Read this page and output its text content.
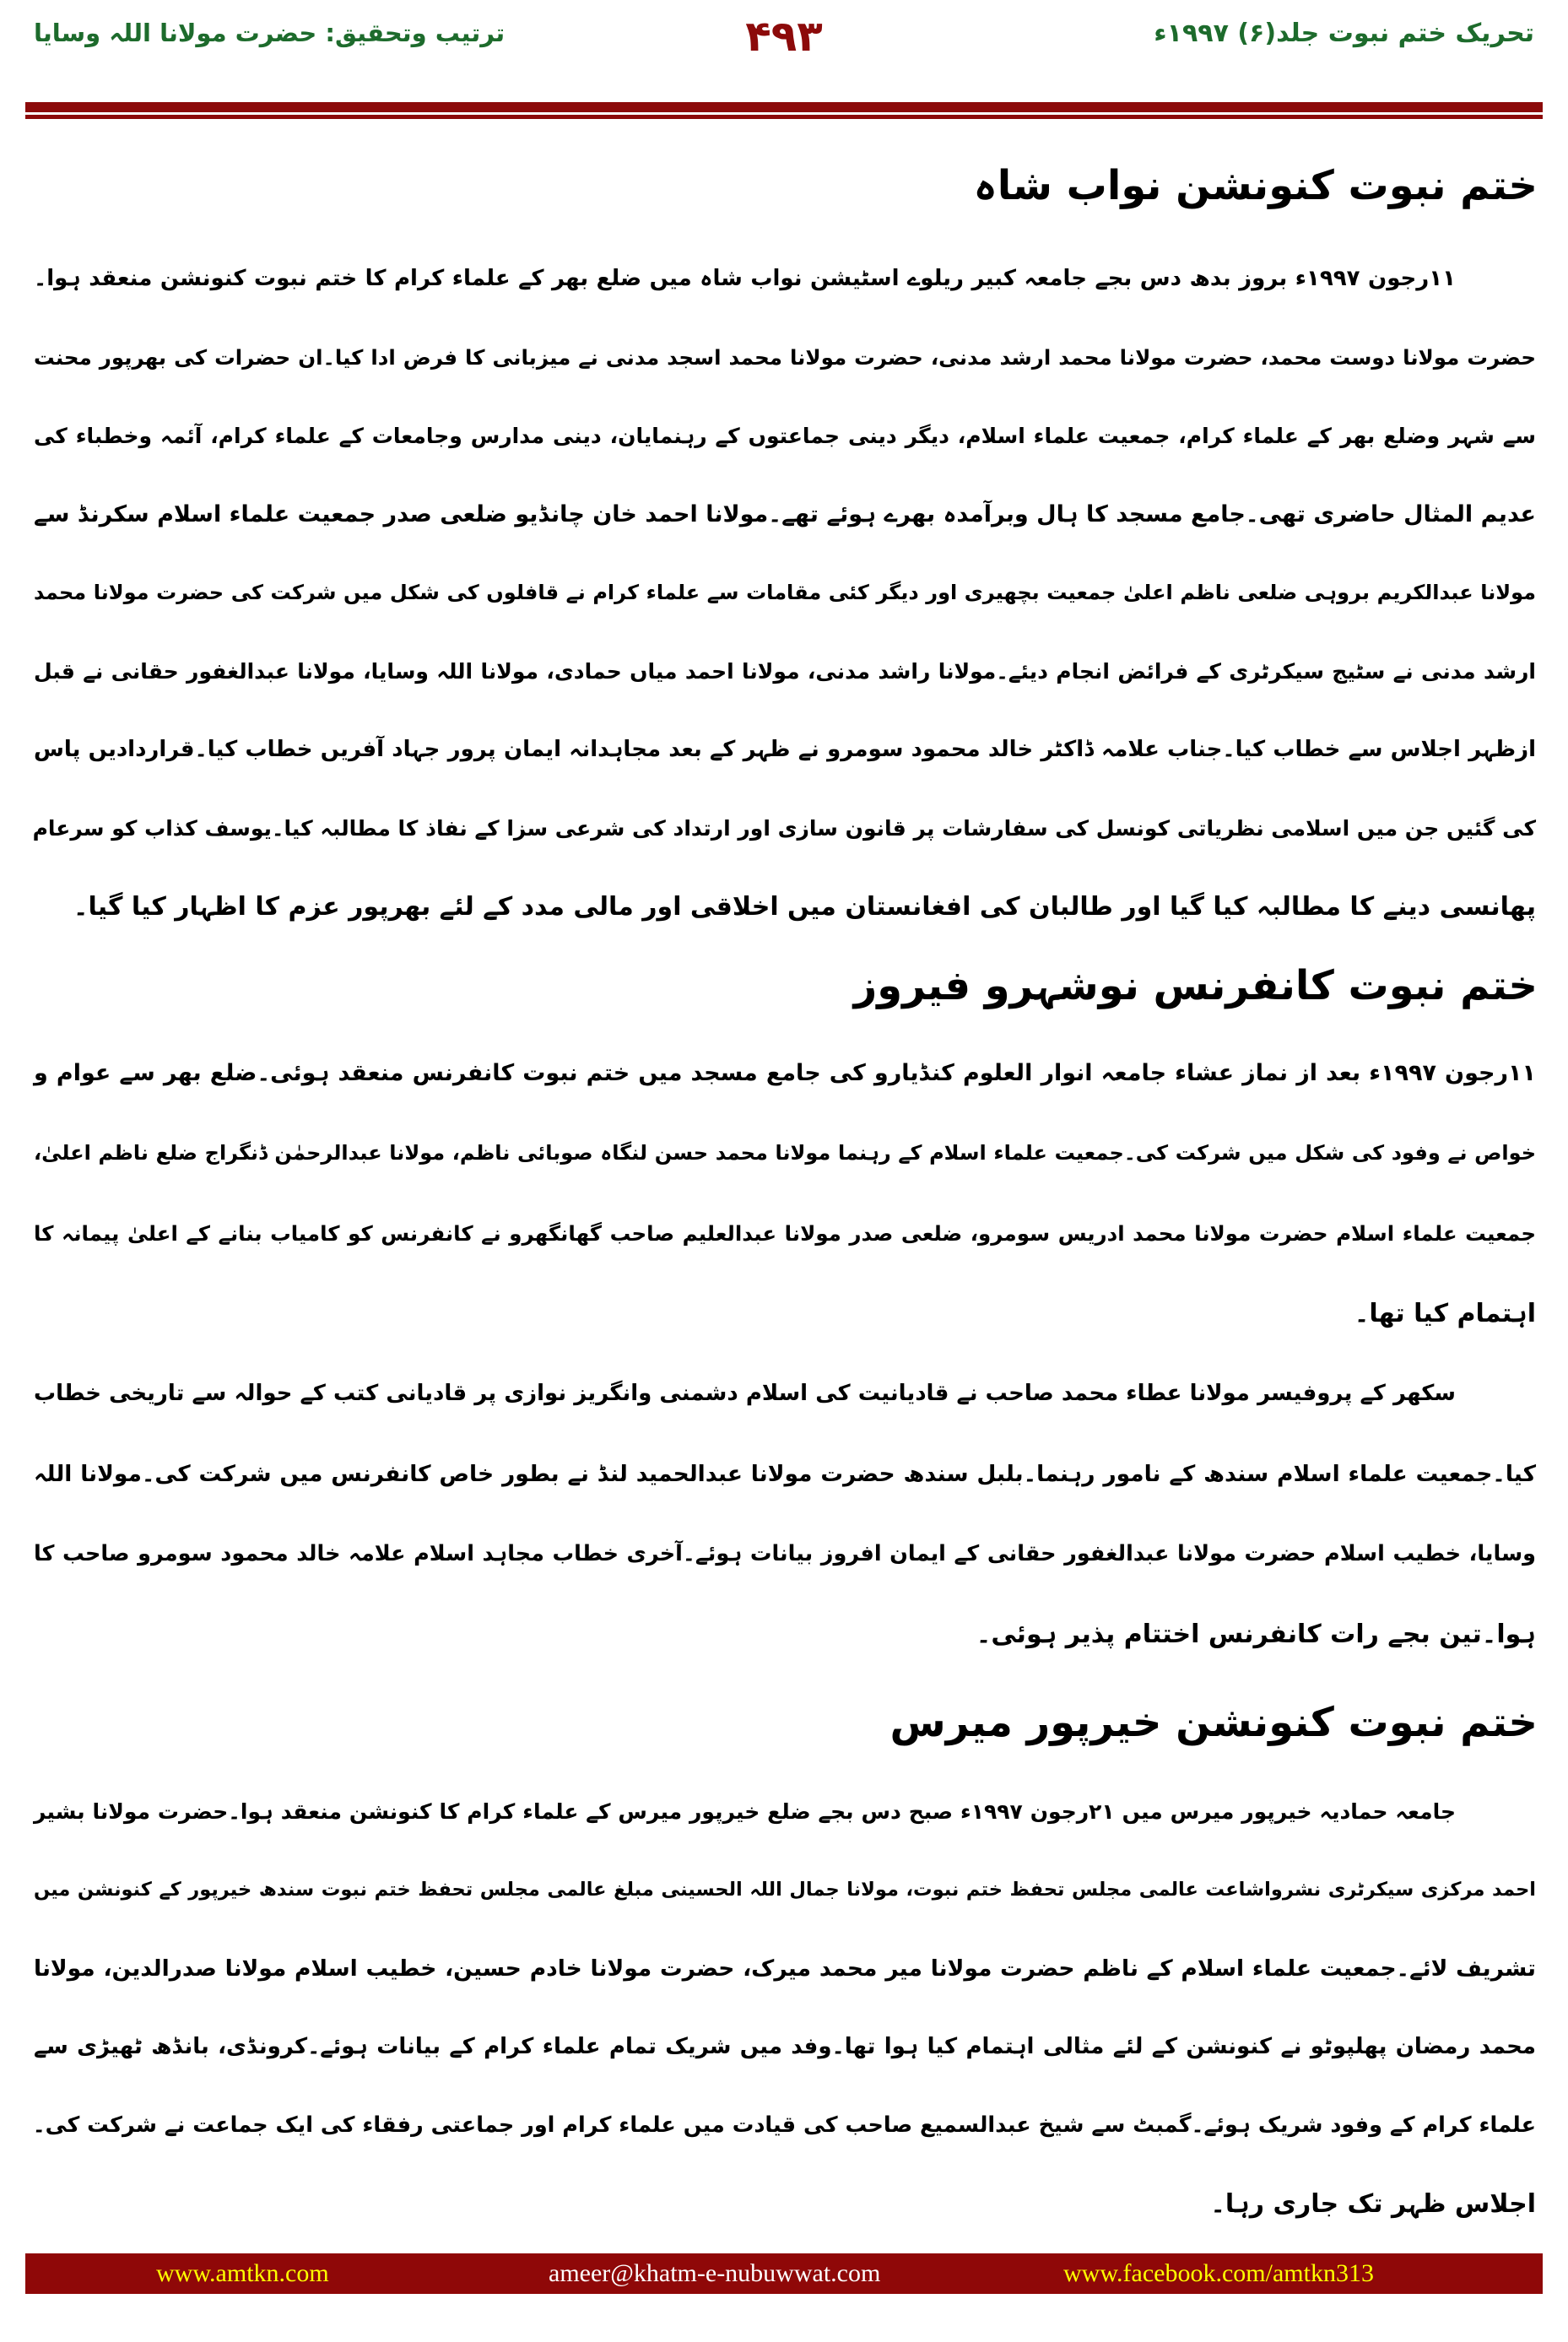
تحریک ختم نبوت جلد(۶) ۱۹۹۷ء
۴۹۳
ترتیب وتحقیق: حضرت مولانا اللہ وسایا
ختم نبوت کنونشن نواب شاہ
۱۱رجون ۱۹۹۷ء بروز بدھ دس بجے جامعہ کبیر ریلوے اسٹیشن نواب شاہ میں ضلع بھر کے علماء کرام کا ختم نبوت کنونشن منعقد ہوا۔
حضرت مولانا دوست محمد، حضرت مولانا محمد ارشد مدنی، حضرت مولانا محمد اسجد مدنی نے میزبانی کا فرض ادا کیا۔ان حضرات کی بھرپور محنت
سے شہر وضلع بھر کے علماء کرام، جمعیت علماء اسلام، دیگر دینی جماعتوں کے رہنمایان، دینی مدارس وجامعات کے علماء کرام، آئمہ وخطباء کی
عدیم المثال حاضری تھی۔جامع مسجد کا ہال وبرآمدہ بھرے ہوئے تھے۔مولانا احمد خان چانڈیو ضلعی صدر جمعیت علماء اسلام سکرنڈ سے
مولانا عبدالکریم بروہی ضلعی ناظم اعلیٰ جمعیت بچھیری اور دیگر کئی مقامات سے علماء کرام نے قافلوں کی شکل میں شرکت کی حضرت مولانا محمد
ارشد مدنی نے سٹیج سیکرٹری کے فرائض انجام دیئے۔مولانا راشد مدنی، مولانا احمد میاں حمادی، مولانا اللہ وسایا، مولانا عبدالغفور حقانی نے قبل
ازظہر اجلاس سے خطاب کیا۔جناب علامہ ڈاکٹر خالد محمود سومرو نے ظہر کے بعد مجاہدانہ ایمان پرور جہاد آفریں خطاب کیا۔قراردادیں پاس
کی گئیں جن میں اسلامی نظریاتی کونسل کی سفارشات پر قانون سازی اور ارتداد کی شرعی سزا کے نفاذ کا مطالبہ کیا۔یوسف کذاب کو سرعام
پھانسی دینے کا مطالبہ کیا گیا اور طالبان کی افغانستان میں اخلاقی اور مالی مدد کے لئے بھرپور عزم کا اظہار کیا گیا۔
ختم نبوت کانفرنس نوشہرو فیروز
۱۱رجون ۱۹۹۷ء بعد از نماز عشاء جامعہ انوار العلوم کنڈیارو کی جامع مسجد میں ختم نبوت کانفرنس منعقد ہوئی۔ضلع بھر سے عوام و
خواص نے وفود کی شکل میں شرکت کی۔جمعیت علماء اسلام کے رہنما مولانا محمد حسن لنگاہ صوبائی ناظم، مولانا عبدالرحمٰن ڈنگراج ضلع ناظم اعلیٰ،
جمعیت علماء اسلام حضرت مولانا محمد ادریس سومرو، ضلعی صدر مولانا عبدالعلیم صاحب گھانگھرو نے کانفرنس کو کامیاب بنانے کے اعلیٰ پیمانہ کا
اہتمام کیا تھا۔
سکھر کے پروفیسر مولانا عطاء محمد صاحب نے قادیانیت کی اسلام دشمنی وانگریز نوازی پر قادیانی کتب کے حوالہ سے تاریخی خطاب
کیا۔جمعیت علماء اسلام سندھ کے نامور رہنما۔بلبل سندھ حضرت مولانا عبدالحمید لنڈ نے بطور خاص کانفرنس میں شرکت کی۔مولانا اللہ
وسایا، خطیب اسلام حضرت مولانا عبدالغفور حقانی کے ایمان افروز بیانات ہوئے۔آخری خطاب مجاہد اسلام علامہ خالد محمود سومرو صاحب کا
ہوا۔تین بجے رات کانفرنس اختتام پذیر ہوئی۔
ختم نبوت کنونشن خیرپور میرس
جامعہ حمادیہ خیرپور میرس میں ۲۱رجون ۱۹۹۷ء صبح دس بجے ضلع خیرپور میرس کے علماء کرام کا کنونشن منعقد ہوا۔حضرت مولانا بشیر
احمد مرکزی سیکرٹری نشرواشاعت عالمی مجلس تحفظ ختم نبوت، مولانا جمال اللہ الحسینی مبلغ عالمی مجلس تحفظ ختم نبوت سندھ خیرپور کے کنونشن میں
تشریف لائے۔جمعیت علماء اسلام کے ناظم حضرت مولانا میر محمد میرک، حضرت مولانا خادم حسین، خطیب اسلام مولانا صدرالدین، مولانا
محمد رمضان پھلپوٹو نے کنونشن کے لئے مثالی اہتمام کیا ہوا تھا۔وفد میں شریک تمام علماء کرام کے بیانات ہوئے۔کرونڈی، بانڈھ ٹھیڑی سے
علماء کرام کے وفود شریک ہوئے۔گمبٹ سے شیخ عبدالسمیع صاحب کی قیادت میں علماء کرام اور جماعتی رفقاء کی ایک جماعت نے شرکت کی۔
اجلاس ظہر تک جاری رہا۔
www.amtkn.com	ameer@khatm-e-nubuwwat.com	www.facebook.com/amtkn313
